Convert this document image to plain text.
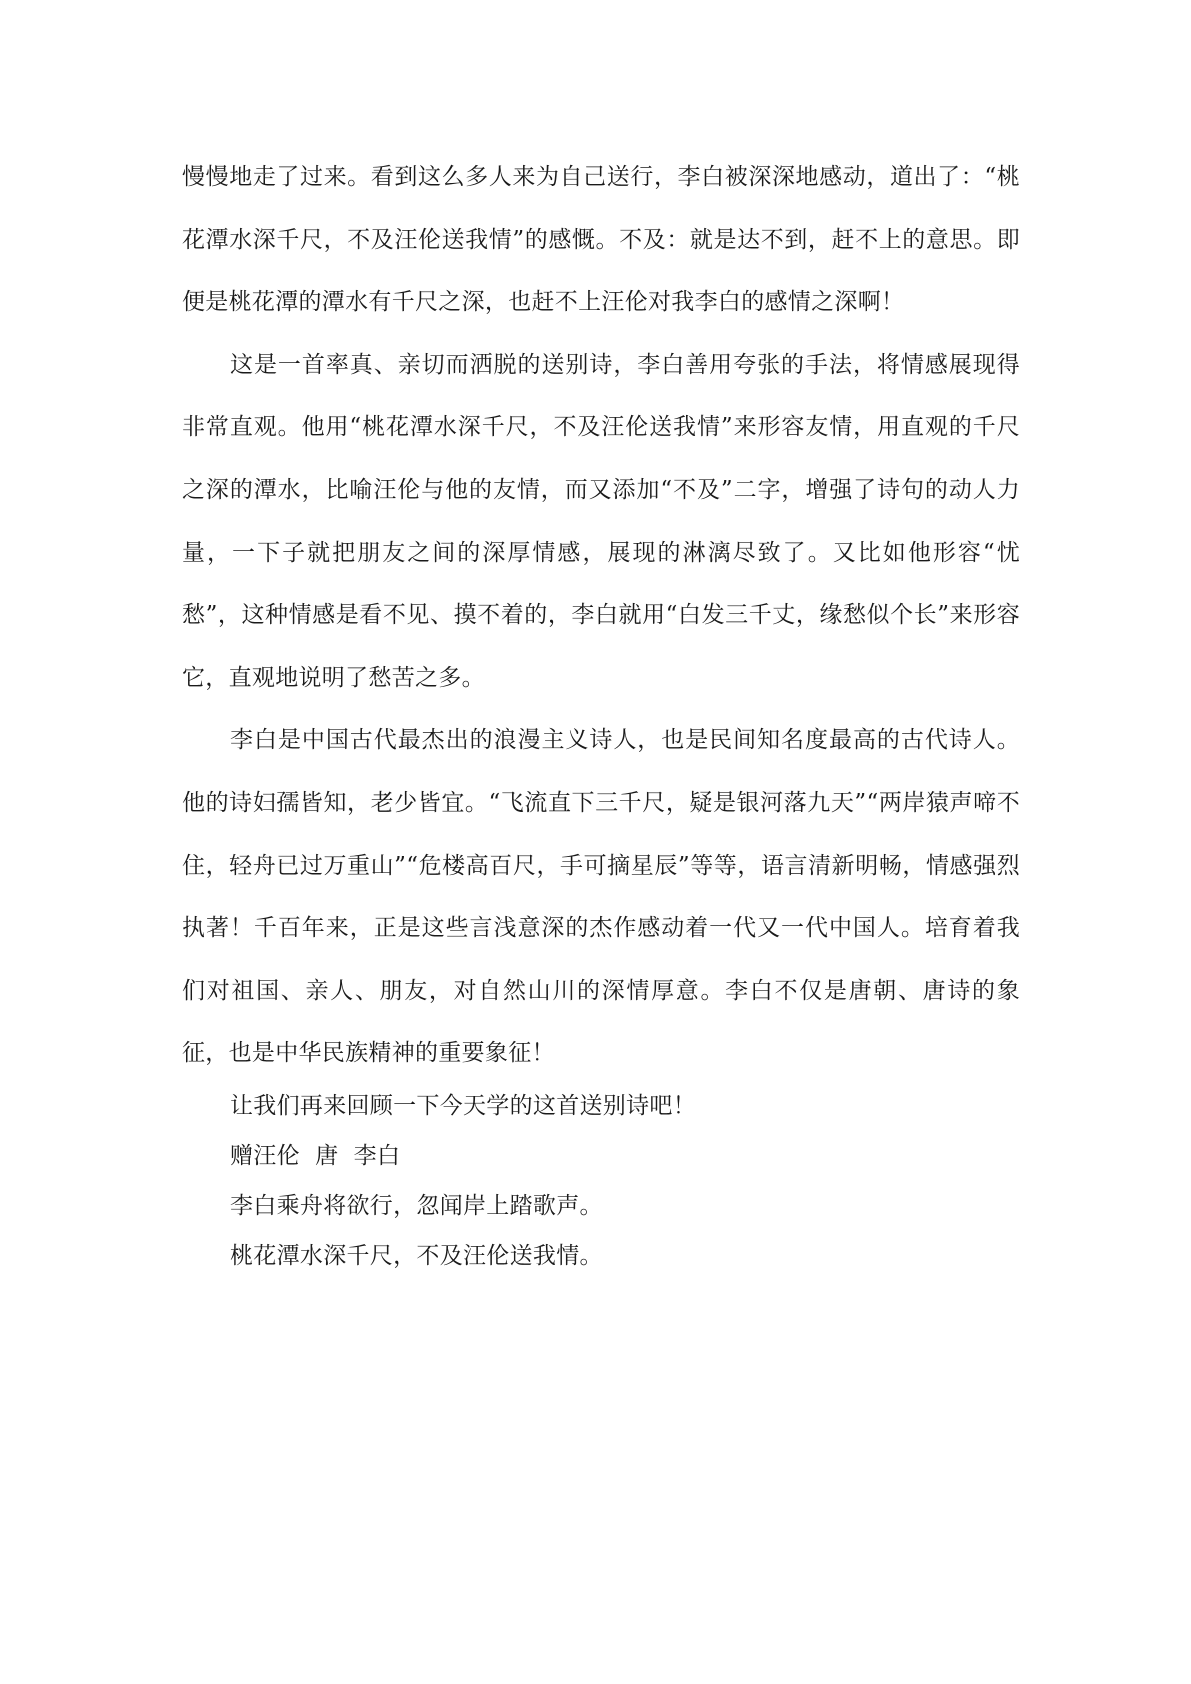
慢慢地走了过来。看到这么多人来为自己送行，李白被深深地感动，道出了：“桃花潭水深千尺，不及汪伦送我情”的感慨。不及：就是达不到，赶不上的意思。即便是桃花潭的潭水有千尺之深，也赶不上汪伦对我李白的感情之深啊！

这是一首率真、亲切而洒脱的送别诗，李白善用夸张的手法，将情感展现得非常直观。他用“桃花潭水深千尺，不及汪伦送我情”来形容友情，用直观的千尺之深的潭水，比喻汪伦与他的友情，而又添加“不及”二字，增强了诗句的动人力量，一下子就把朋友之间的深厚情感，展现的淋漓尽致了。又比如他形容“忧愁”，这种情感是看不见、摸不着的，李白就用“白发三千丈，缘愁似个长”来形容它，直观地说明了愁苦之多。

李白是中国古代最杰出的浪漫主义诗人，也是民间知名度最高的古代诗人。他的诗妇孺皆知，老少皆宜。“飞流直下三千尺，疑是银河落九天”“两岸猿声啼不住，轻舟已过万重山”“危楼高百尺，手可摘星辰”等等，语言清新明畅，情感强烈执著！千百年来，正是这些言浅意深的杰作感动着一代又一代中国人。培育着我们对祖国、亲人、朋友，对自然山川的深情厚意。李白不仅是唐朝、唐诗的象征，也是中华民族精神的重要象征！

让我们再来回顾一下今天学的这首送别诗吧！

赠汪伦  唐  李白

李白乘舟将欲行，忽闻岸上踏歌声。

桃花潭水深千尺，不及汪伦送我情。
